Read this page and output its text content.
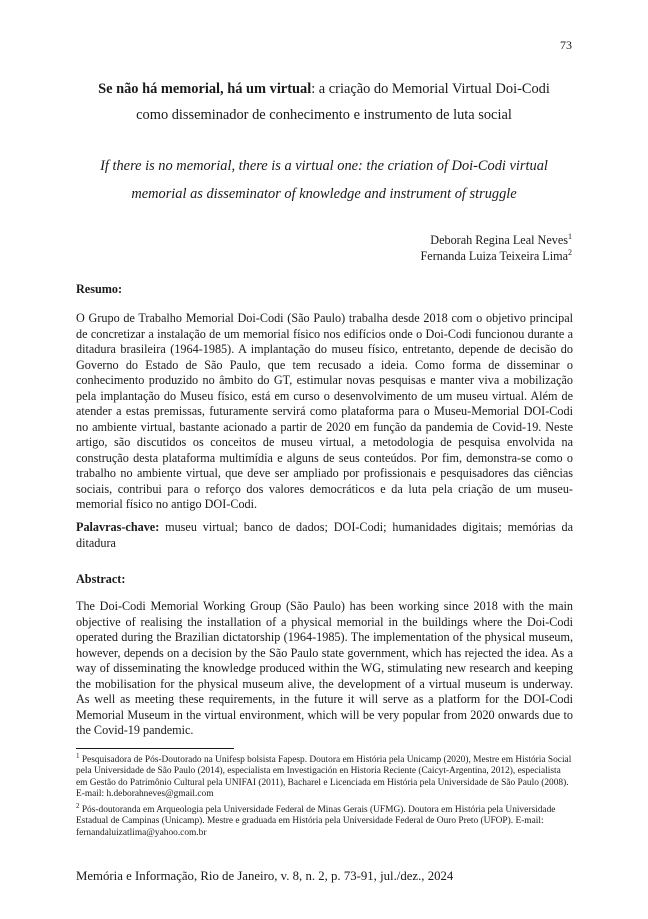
73
Se não há memorial, há um virtual: a criação do Memorial Virtual Doi-Codi
como disseminador de conhecimento e instrumento de luta social
If there is no memorial, there is a virtual one: the criation of Doi-Codi virtual
memorial as disseminator of knowledge and instrument of struggle
Deborah Regina Leal Neves$^1$
Fernanda Luiza Teixeira Lima$^2$
Resumo:
O Grupo de Trabalho Memorial Doi-Codi (São Paulo) trabalha desde 2018 com o objetivo principal de concretizar a instalação de um memorial físico nos edifícios onde o Doi-Codi funcionou durante a ditadura brasileira (1964-1985). A implantação do museu físico, entretanto, depende de decisão do Governo do Estado de São Paulo, que tem recusado a ideia. Como forma de disseminar o conhecimento produzido no âmbito do GT, estimular novas pesquisas e manter viva a mobilização pela implantação do Museu físico, está em curso o desenvolvimento de um museu virtual. Além de atender a estas premissas, futuramente servirá como plataforma para o Museu-Memorial DOI-Codi no ambiente virtual, bastante acionado a partir de 2020 em função da pandemia de Covid-19. Neste artigo, são discutidos os conceitos de museu virtual, a metodologia de pesquisa envolvida na construção desta plataforma multimídia e alguns de seus conteúdos. Por fim, demonstra-se como o trabalho no ambiente virtual, que deve ser ampliado por profissionais e pesquisadores das ciências sociais, contribui para o reforço dos valores democráticos e da luta pela criação de um museu-memorial físico no antigo DOI-Codi.
Palavras-chave: museu virtual; banco de dados; DOI-Codi; humanidades digitais; memórias da ditadura
Abstract:
The Doi-Codi Memorial Working Group (São Paulo) has been working since 2018 with the main objective of realising the installation of a physical memorial in the buildings where the Doi-Codi operated during the Brazilian dictatorship (1964-1985). The implementation of the physical museum, however, depends on a decision by the São Paulo state government, which has rejected the idea. As a way of disseminating the knowledge produced within the WG, stimulating new research and keeping the mobilisation for the physical museum alive, the development of a virtual museum is underway. As well as meeting these requirements, in the future it will serve as a platform for the DOI-Codi Memorial Museum in the virtual environment, which will be very popular from 2020 onwards due to the Covid-19 pandemic.
$^1$ Pesquisadora de Pós-Doutorado na Unifesp bolsista Fapesp. Doutora em História pela Unicamp (2020), Mestre em História Social pela Universidade de São Paulo (2014), especialista em Investigación en Historia Reciente (Caicyt-Argentina, 2012), especialista em Gestão do Patrimônio Cultural pela UNIFAI (2011), Bacharel e Licenciada em História pela Universidade de São Paulo (2008). E-mail: h.deborahneves@gmail.com
$^2$ Pós-doutoranda em Arqueologia pela Universidade Federal de Minas Gerais (UFMG). Doutora em História pela Universidade Estadual de Campinas (Unicamp). Mestre e graduada em História pela Universidade Federal de Ouro Preto (UFOP). E-mail: fernandaluizatlima@yahoo.com.br
Memória e Informação, Rio de Janeiro, v. 8, n. 2, p. 73-91, jul./dez., 2024
